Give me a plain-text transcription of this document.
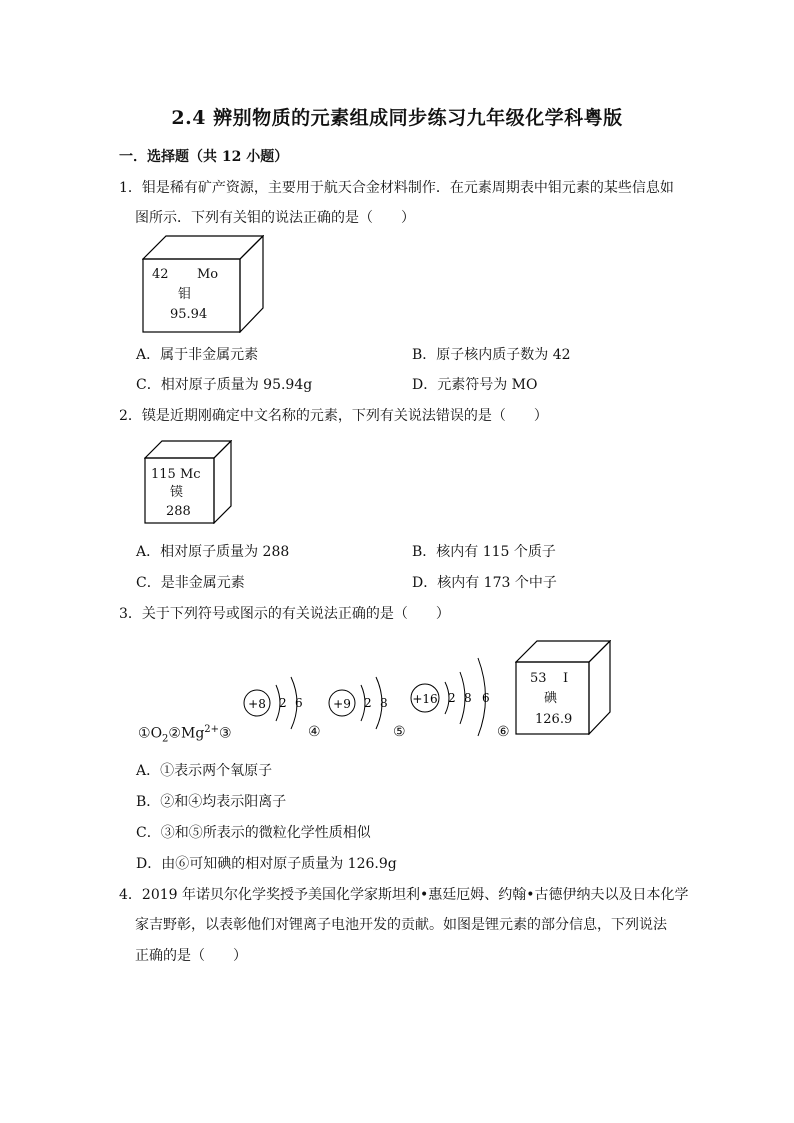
2.4 辨别物质的元素组成同步练习九年级化学科粤版
一．选择题（共 12 小题）
1．钼是稀有矿产资源，主要用于航天合金材料制作．在元素周期表中钼元素的某些信息如
图所示．下列有关钼的说法正确的是（　　）
42 Mo
钼
95.94
A．属于非金属元素	B．原子核内质子数为 42
C．相对原子质量为 95.94g	D．元素符号为 MO
2．镆是近期刚确定中文名称的元素，下列有关说法错误的是（　　）
115 Mc
镆
288
A．相对原子质量为 288	B．核内有 115 个质子
C．是非金属元素	D．核内有 173 个中子
3．关于下列符号或图示的有关说法正确的是（　　）
$①O_2②Mg^{2+}③$	④	⑤	⑥
+8 2 6	+9 2 8 +16 2 8 6
53 I
碘
126.9
A．①表示两个氧原子
B．②和④均表示阳离子
C．③和⑤所表示的微粒化学性质相似
D．由⑥可知碘的相对原子质量为 126.9g
4．2019 年诺贝尔化学奖授予美国化学家斯坦利•惠廷厄姆、约翰•古德伊纳夫以及日本化学
家吉野彰，以表彰他们对锂离子电池开发的贡献。如图是锂元素的部分信息，下列说法
正确的是（　　）
